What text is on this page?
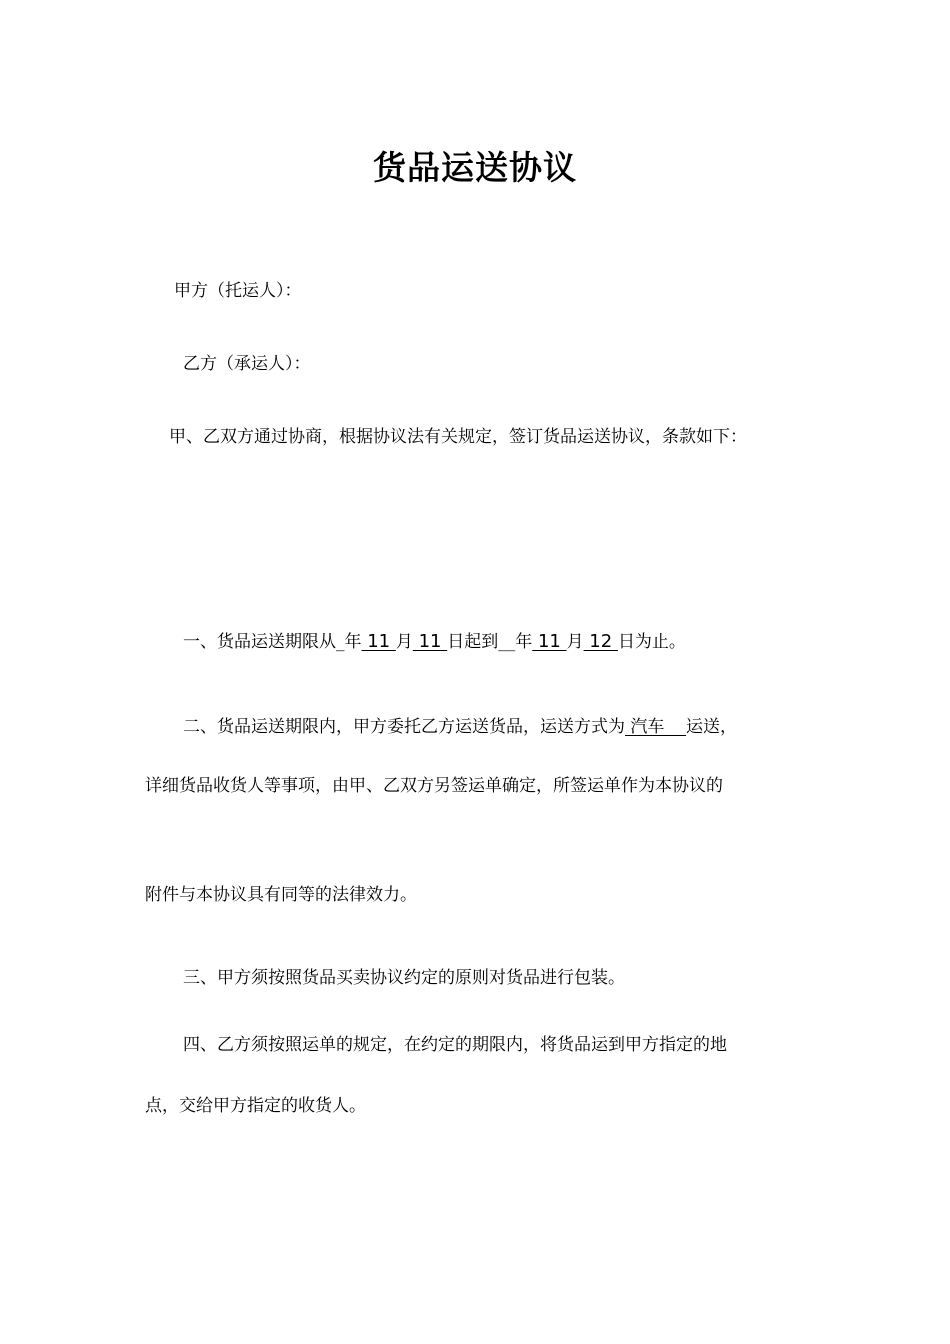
货品运送协议
甲方（托运人）：
乙方（承运人）：
甲、乙双方通过协商，根据协议法有关规定，签订货品运送协议，条款如下：
一、货品运送期限从_年 11 月 11 日起到__年 11 月 12 日为止。
二、货品运送期限内，甲方委托乙方运送货品，运送方式为 汽车    运送，
详细货品收货人等事项，由甲、乙双方另签运单确定，所签运单作为本协议的
附件与本协议具有同等的法律效力。
三、甲方须按照货品买卖协议约定的原则对货品进行包装。
四、乙方须按照运单的规定，在约定的期限内，将货品运到甲方指定的地
点，交给甲方指定的收货人。
